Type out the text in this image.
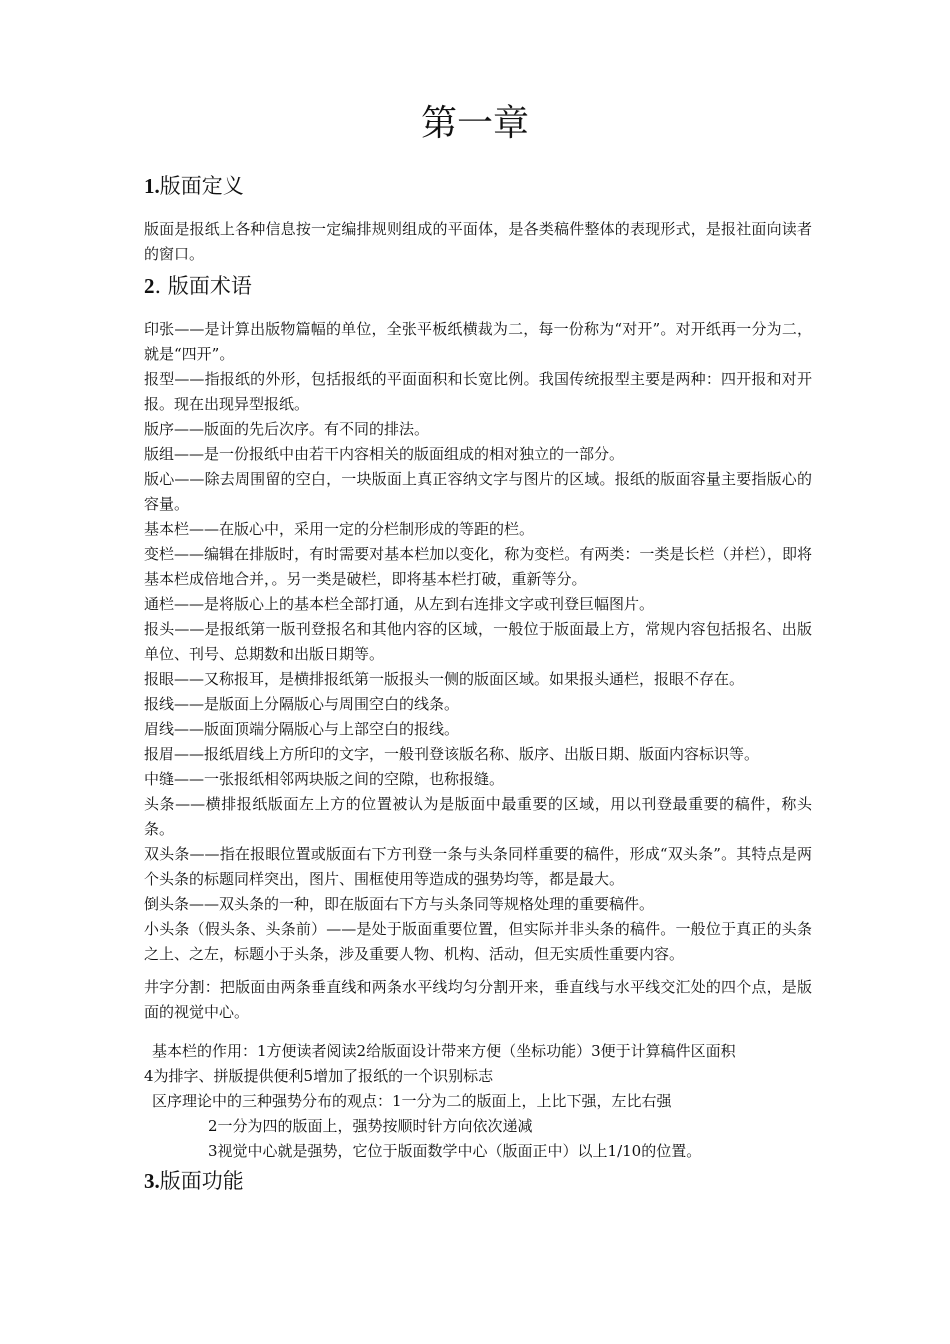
第一章
1.版面定义

版面是报纸上各种信息按一定编排规则组成的平面体，是各类稿件整体的表现形式，是报社面向读者的窗口。

2. 版面术语

印张——是计算出版物篇幅的单位，全张平板纸横裁为二，每一份称为“对开”。对开纸再一分为二，就是“四开”。

报型——指报纸的外形，包括报纸的平面面积和长宽比例。我国传统报型主要是两种：四开报和对开报。现在出现异型报纸。

版序——版面的先后次序。有不同的排法。

版组——是一份报纸中由若干内容相关的版面组成的相对独立的一部分。

版心——除去周围留的空白，一块版面上真正容纳文字与图片的区域。报纸的版面容量主要指版心的容量。

基本栏——在版心中，采用一定的分栏制形成的等距的栏。

变栏——编辑在排版时，有时需要对基本栏加以变化，称为变栏。有两类：一类是长栏（并栏），即将基本栏成倍地合并，。另一类是破栏，即将基本栏打破，重新等分。

通栏——是将版心上的基本栏全部打通，从左到右连排文字或刊登巨幅图片。

报头——是报纸第一版刊登报名和其他内容的区域，一般位于版面最上方，常规内容包括报名、出版单位、刊号、总期数和出版日期等。

报眼——又称报耳，是横排报纸第一版报头一侧的版面区域。如果报头通栏，报眼不存在。

报线——是版面上分隔版心与周围空白的线条。

眉线——版面顶端分隔版心与上部空白的报线。

报眉——报纸眉线上方所印的文字，一般刊登该版名称、版序、出版日期、版面内容标识等。

中缝——一张报纸相邻两块版之间的空隙，也称报缝。

头条——横排报纸版面左上方的位置被认为是版面中最重要的区域，用以刊登最重要的稿件，称头条。

双头条——指在报眼位置或版面右下方刊登一条与头条同样重要的稿件，形成“双头条”。其特点是两个头条的标题同样突出，图片、围框使用等造成的强势均等，都是最大。

倒头条——双头条的一种，即在版面右下方与头条同等规格处理的重要稿件。

小头条（假头条、头条前）——是处于版面重要位置，但实际并非头条的稿件。一般位于真正的头条之上、之左，标题小于头条，涉及重要人物、机构、活动，但无实质性重要内容。

井字分割：把版面由两条垂直线和两条水平线均匀分割开来，垂直线与水平线交汇处的四个点，是版面的视觉中心。

基本栏的作用：1方便读者阅读2给版面设计带来方便（坐标功能）3便于计算稿件区面积

4为排字、拼版提供便利5增加了报纸的一个识别标志

区序理论中的三种强势分布的观点：1一分为二的版面上，上比下强，左比右强

2一分为四的版面上，强势按顺时针方向依次递减

3视觉中心就是强势，它位于版面数学中心（版面正中）以上1/10的位置。

3.版面功能
